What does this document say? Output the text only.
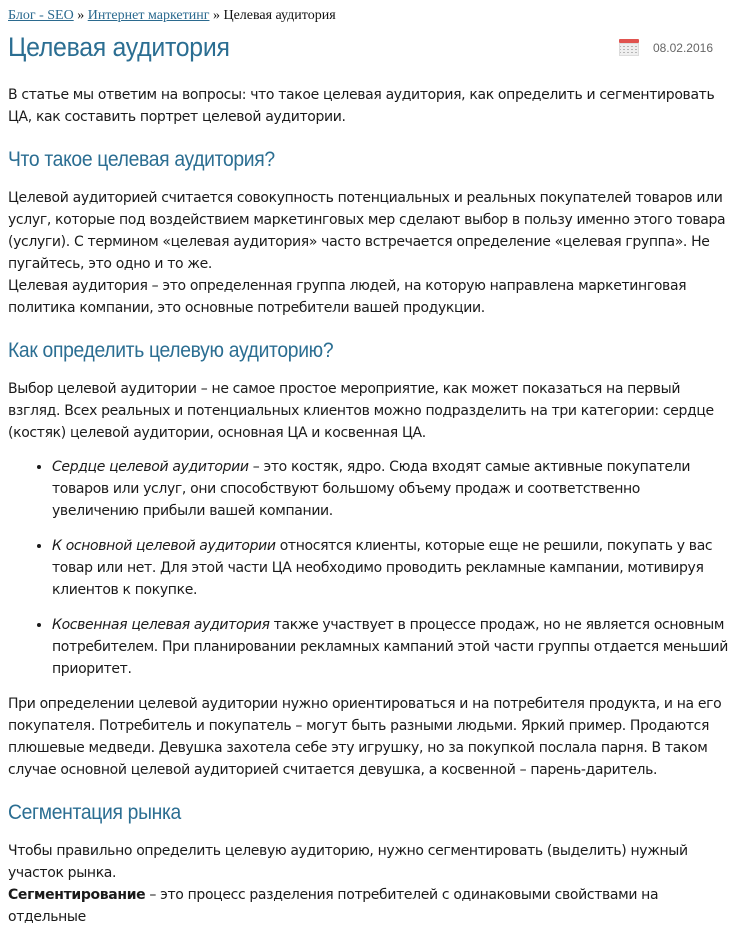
Блог - SEO » Интернет маркетинг » Целевая аудитория
Целевая аудитория	08.02.2016

В статье мы ответим на вопросы: что такое целевая аудитория, как определить и сегментировать ЦА, как составить портрет целевой аудитории.

Что такое целевая аудитория?

Целевой аудиторией считается совокупность потенциальных и реальных покупателей товаров или услуг, которые под воздействием маркетинговых мер сделают выбор в пользу именно этого товара (услуги). С термином «целевая аудитория» часто встречается определение «целевая группа». Не пугайтесь, это одно и то же.

Целевая аудитория – это определенная группа людей, на которую направлена маркетинговая политика компании, это основные потребители вашей продукции.

Как определить целевую аудиторию?

Выбор целевой аудитории – не самое простое мероприятие, как может показаться на первый взгляд. Всех реальных и потенциальных клиентов можно подразделить на три категории: сердце (костяк) целевой аудитории, основная ЦА и косвенная ЦА.

• Сердце целевой аудитории – это костяк, ядро. Сюда входят самые активные покупатели товаров или услуг, они способствуют большому объему продаж и соответственно увеличению прибыли вашей компании.
• К основной целевой аудитории относятся клиенты, которые еще не решили, покупать у вас товар или нет. Для этой части ЦА необходимо проводить рекламные кампании, мотивируя клиентов к покупке.
• Косвенная целевая аудитория также участвует в процессе продаж, но не является основным потребителем. При планировании рекламных кампаний этой части группы отдается меньший приоритет.

При определении целевой аудитории нужно ориентироваться и на потребителя продукта, и на его покупателя. Потребитель и покупатель – могут быть разными людьми. Яркий пример. Продаются плюшевые медведи. Девушка захотела себе эту игрушку, но за покупкой послала парня. В таком случае основной целевой аудиторией считается девушка, а косвенной – парень-даритель.

Сегментация рынка

Чтобы правильно определить целевую аудиторию, нужно сегментировать (выделить) нужный участок рынка.

Сегментирование – это процесс разделения потребителей с одинаковыми свойствами на отдельные
